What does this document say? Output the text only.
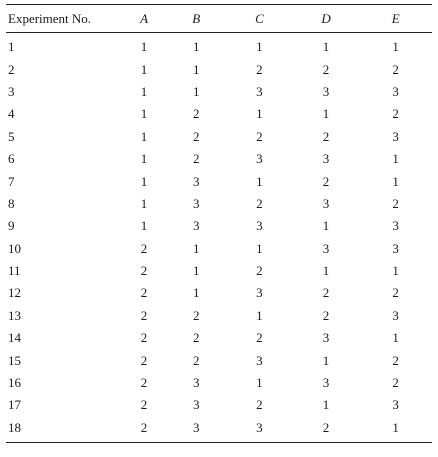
Experiment No.	A	B	C	D	E
1	1	1	1	1	1
2	1	1	2	2	2
3	1	1	3	3	3
4	1	2	1	1	2
5	1	2	2	2	3
6	1	2	3	3	1
7	1	3	1	2	1
8	1	3	2	3	2
9	1	3	3	1	3
10	2	1	1	3	3
11	2	1	2	1	1
12	2	1	3	2	2
13	2	2	1	2	3
14	2	2	2	3	1
15	2	2	3	1	2
16	2	3	1	3	2
17	2	3	2	1	3
18	2	3	3	2	1
